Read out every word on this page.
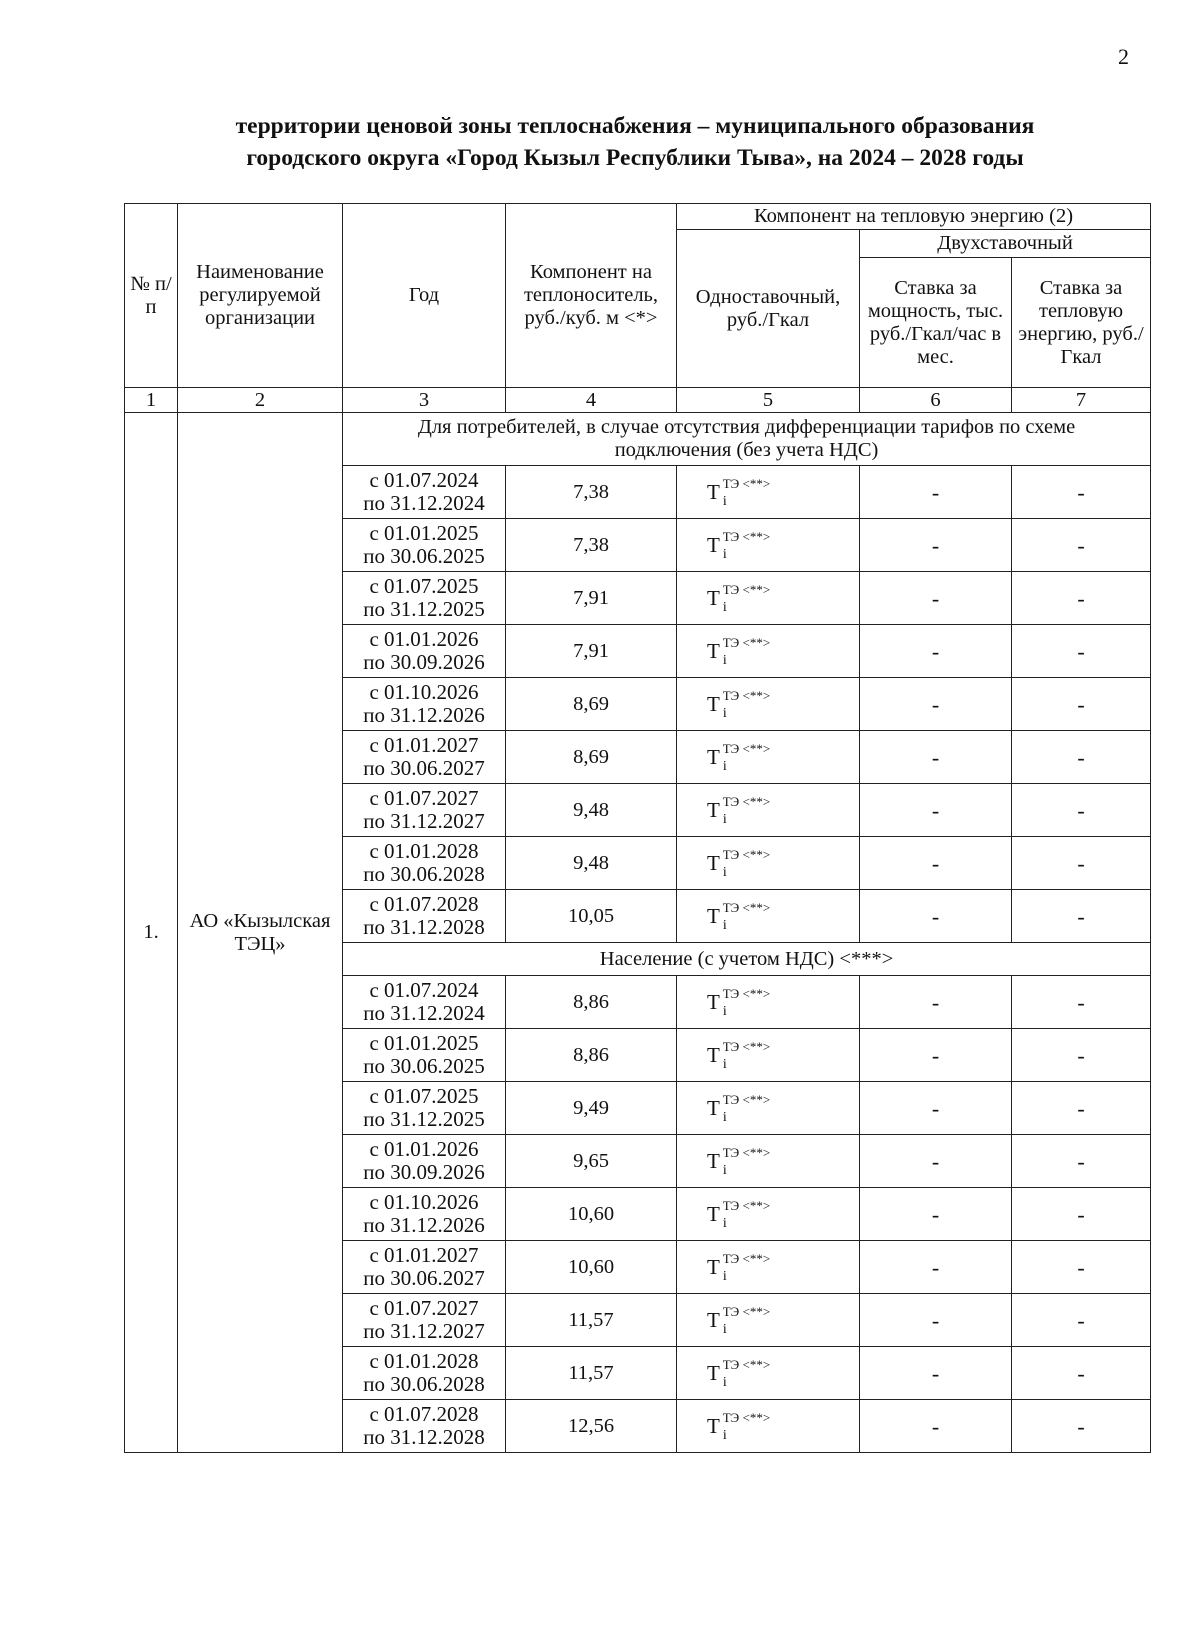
2
территории ценовой зоны теплоснабжения – муниципального образования
городского округа «Город Кызыл Республики Тыва», на 2024 – 2028 годы
№ п/п	Наименование регулируемой организации	Год	Компонент на теплоноситель, руб./куб. м <*>	Компонент на тепловую энергию (2)		
				Одноставочный, руб./Гкал	Двухставочный	
					Ставка за мощность, тыс. руб./Гкал/час в мес.	Ставка за тепловую энергию, руб./Гкал
1	2	3	4	5	6	7
1.	АО «Кызылская ТЭЦ»	Для потребителей, в случае отсутствия дифференциации тарифов по схеме подключения (без учета НДС)				

		с 01.07.2024
по 31.12.2024	7,38	T $_i^{ТЭ <**>}$	-	-

		с 01.01.2025
по 30.06.2025	7,38	T $_i^{ТЭ <**>}$	-	-

		с 01.07.2025
по 31.12.2025	7,91	T $_i^{ТЭ <**>}$	-	-

		с 01.01.2026
по 30.09.2026	7,91	T $_i^{ТЭ <**>}$	-	-

		с 01.10.2026
по 31.12.2026	8,69	T $_i^{ТЭ <**>}$	-	-

		с 01.01.2027
по 30.06.2027	8,69	T $_i^{ТЭ <**>}$	-	-

		с 01.07.2027
по 31.12.2027	9,48	T $_i^{ТЭ <**>}$	-	-

		с 01.01.2028
по 30.06.2028	9,48	T $_i^{ТЭ <**>}$	-	-

		с 01.07.2028
по 31.12.2028	10,05	T $_i^{ТЭ <**>}$	-	-
		Население (с учетом НДС) <***>				

		с 01.07.2024
по 31.12.2024	8,86	T $_i^{ТЭ <**>}$	-	-

		с 01.01.2025
по 30.06.2025	8,86	T $_i^{ТЭ <**>}$	-	-

		с 01.07.2025
по 31.12.2025	9,49	T $_i^{ТЭ <**>}$	-	-

		с 01.01.2026
по 30.09.2026	9,65	T $_i^{ТЭ <**>}$	-	-

		с 01.10.2026
по 31.12.2026	10,60	T $_i^{ТЭ <**>}$	-	-

		с 01.01.2027
по 30.06.2027	10,60	T $_i^{ТЭ <**>}$	-	-

		с 01.07.2027
по 31.12.2027	11,57	T $_i^{ТЭ <**>}$	-	-

		с 01.01.2028
по 30.06.2028	11,57	T $_i^{ТЭ <**>}$	-	-

		с 01.07.2028
по 31.12.2028	12,56	T $_i^{ТЭ <**>}$	-	-
